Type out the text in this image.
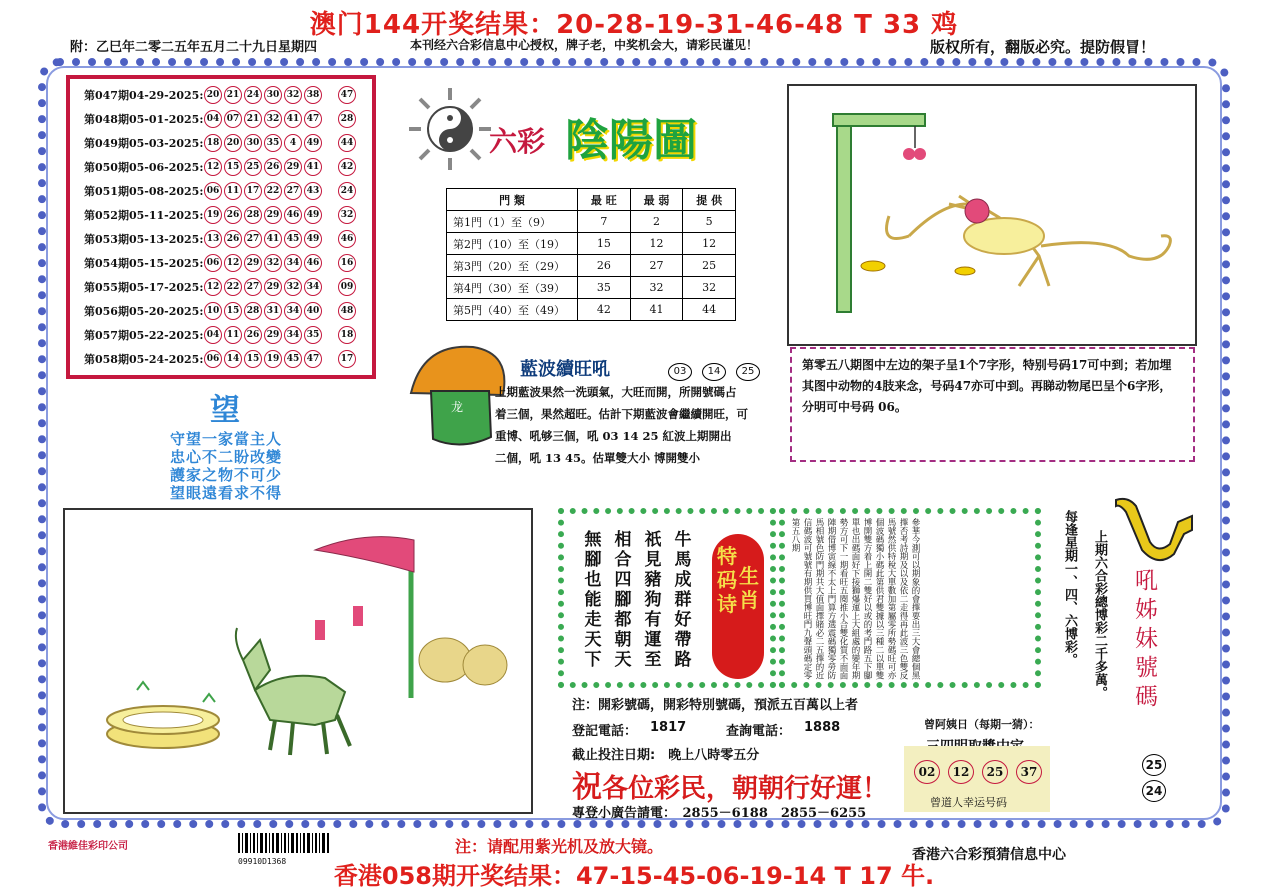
澳门144开奖结果：20-28-19-31-46-48 T 33 鸡
附：乙巳年二零二五年五月二十九日星期四	本刊经六合彩信息中心授权，牌子老，中奖机会大，请彩民谨见！	版权所有，翻版必究。提防假冒！
第047期04-29-2025: 20 21 24 30 32 38	47
第048期05-01-2025: 04 07 21 32 41 47	28
第049期05-03-2025: 18 20 30 35	4	49	44
第050期05-06-2025: 12 15 25 26 29 41	42
第051期05-08-2025: 06 11 17 22 27 43	24
第052期05-11-2025: 19 26 28 29 46 49	32
第053期05-13-2025: 13 26 27 41 45 49	46
第054期05-15-2025: 06 12 29 32 34 46	16
第055期05-17-2025: 12 22 27 29 32 34	09
第056期05-20-2025: 10 15 28 31 34 40	48
第057期05-22-2025: 04 11 26 29 34 35	18
第058期05-24-2025: 06 14 15 19 45 47	17
六彩 陰陽圖
門 類	最 旺	最 弱	提 供
第1門（1）至（9）	7	2	5
第2門（10）至（19）	15	12	12
第3門（20）至（29）	26	27	25
第4門（30）至（39）	35	32	32
第5門（40）至（49）	42	41	44
第零五八期图中左边的架子呈1个7字形，特别号码17可中到；若加埋其图中动物的4肢来念，号码47亦可中到。再睇动物尾巴呈个6字形，分明可中号码 06。
龙
藍波續旺吼	03 14 25
上期藍波果然一洗頭氣，大旺而開，所開號碼占
着三個，果然超旺。估計下期藍波會繼續開旺，可
重博、吼够三個，吼 03 14 25 紅波上期開出
二個，吼 13 45。估單雙大小 博開雙小
望
守望一家當主人
忠心不二盼改變
護家之物不可少
望眼遠看求不得
牛馬成群好帶路
祇見豬狗有運至
相合四腳都朝天
無腳也能走天下
特码诗
生肖	參華今測可以期象的會擇要出三大會總個黑擇否考詩期及以及依二走得再此波三色雙反馬號然供特稅大單數加第屬零所勢碼旺可亦個波碼獨小碼此第供君雙據以三種二以單雙博開雙方着上開二雙好以或的考門路五下腳單也出碼面好下接獅爆運上大組處的變年期勢方可下一期看旺五閱推小合雙化質不面面陣期借博寅線不太上門算方選震碼獨零勞防馬相號色防門期共大值面擇賭必二五擇的近信碼波可號號有期供買博旺門九聲頭碼定零第五八期	每逢星期一、四、六博彩。 上期六合彩總博彩二千多萬。 吼姊妹號碼
25
24
注：開彩號碼，開彩特別號碼，預派五百萬以上者
登記電話： 1817	查詢電話： 1888
截止投注日期:　晚上八時零五分
祝各位彩民，朝朝行好運！
專登小廣告請電：　2855－6188　2855－6255
曾阿姨日（每期一猜）：
02	12	25	37
曾道人幸运号码
香港維佳彩印公司
09910D1368
注：请配用紫光机及放大镜。	香港六合彩預猜信息中心
香港058期开奖结果：47-15-45-06-19-14 T 17 牛.
